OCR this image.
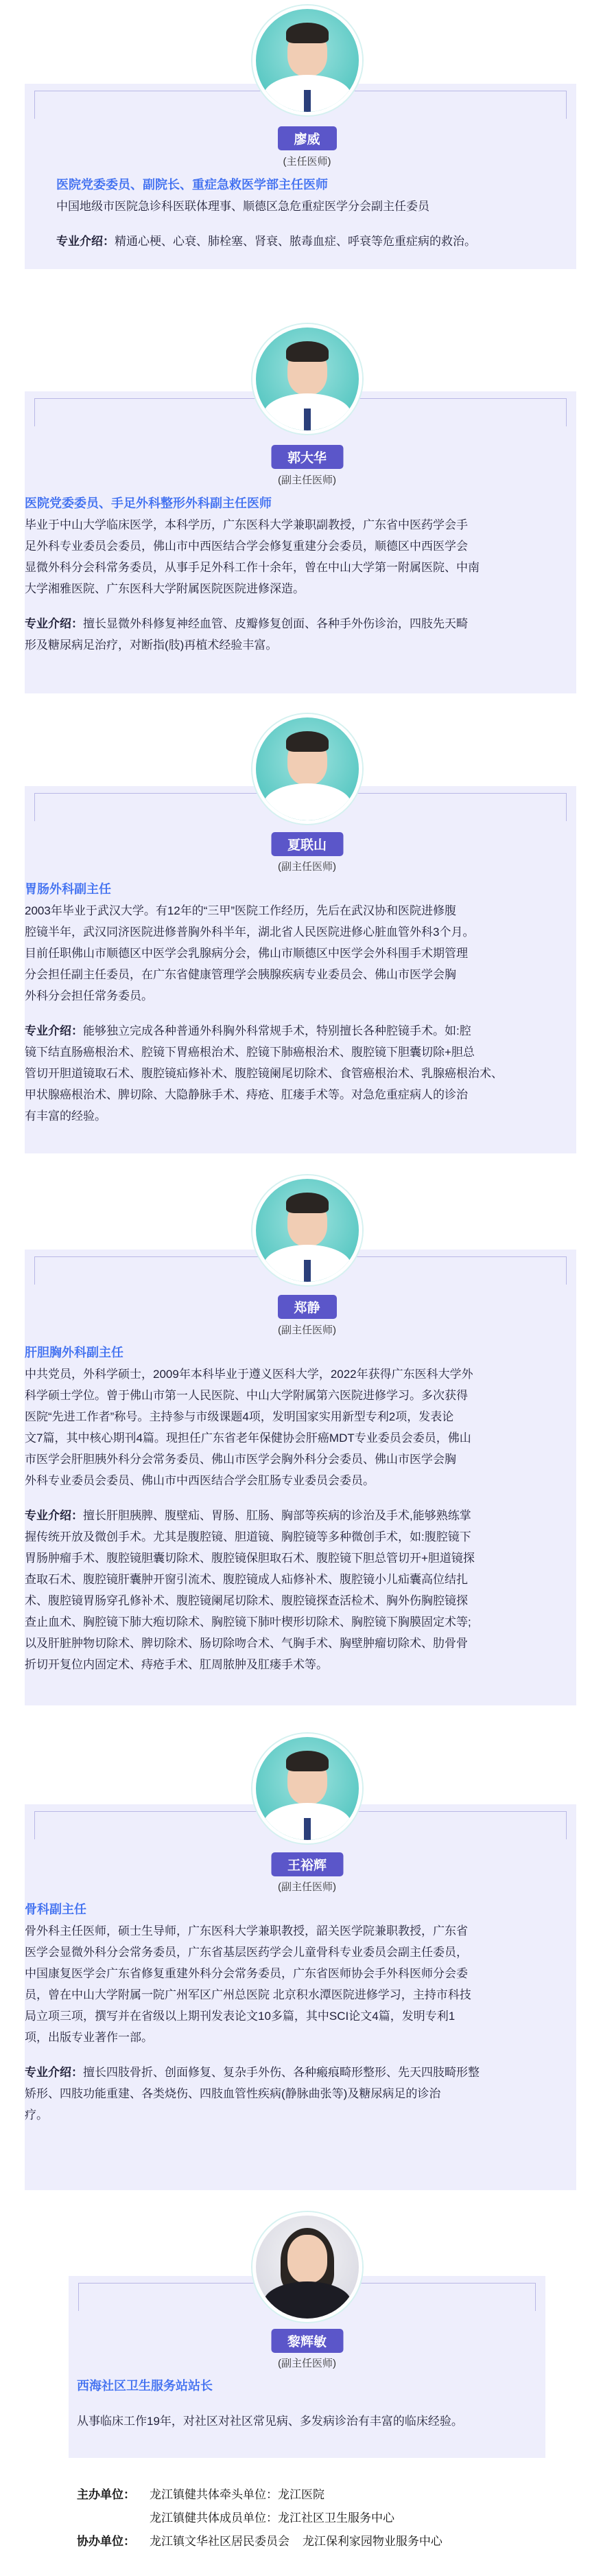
廖威
(主任医师)
医院党委委员、副院长、重症急救医学部主任医师
中国地级市医院急诊科医联体理事、顺德区急危重症医学分会副主任委员
专业介绍：精通心梗、心衰、肺栓塞、肾衰、脓毒血症、呼衰等危重症病的救治。
郭大华
(副主任医师)
医院党委委员、手足外科整形外科副主任医师
毕业于中山大学临床医学，本科学历，广东医科大学兼职副教授，广东省中医药学会手
足外科专业委员会委员，佛山市中西医结合学会修复重建分会委员，顺德区中西医学会
显微外科分会科常务委员，从事手足外科工作十余年，曾在中山大学第一附属医院、中南
大学湘雅医院、广东医科大学附属医院医院进修深造。
专业介绍：擅长显微外科修复神经血管、皮瓣修复创面、各种手外伤诊治，四肢先天畸
形及糖尿病足治疗，对断指(肢)再植术经验丰富。
夏联山
(副主任医师)
胃肠外科副主任
2003年毕业于武汉大学。有12年的“三甲”医院工作经历，先后在武汉协和医院进修腹
腔镜半年，武汉同济医院进修普胸外科半年，湖北省人民医院进修心脏血管外科3个月。
目前任职佛山市顺德区中医学会乳腺病分会，佛山市顺德区中医学会外科围手术期管理
分会担任副主任委员，在广东省健康管理学会胰腺疾病专业委员会、佛山市医学会胸
外科分会担任常务委员。
专业介绍：能够独立完成各种普通外科胸外科常规手术，特别擅长各种腔镜手术。如:腔
镜下结直肠癌根治术、腔镜下胃癌根治术、腔镜下肺癌根治术、腹腔镜下胆囊切除+胆总
管切开胆道镜取石术、腹腔镜疝修补术、腹腔镜阑尾切除术、食管癌根治术、乳腺癌根治术、
甲状腺癌根治术、脾切除、大隐静脉手术、痔疮、肛瘘手术等。对急危重症病人的诊治
有丰富的经验。
郑静
(副主任医师)
肝胆胸外科副主任
中共党员，外科学硕士，2009年本科毕业于遵义医科大学，2022年获得广东医科大学外
科学硕士学位。曾于佛山市第一人民医院、中山大学附属第六医院进修学习。多次获得
医院“先进工作者”称号。主持参与市级课题4项，发明国家实用新型专利2项，发表论
文7篇，其中核心期刊4篇。现担任广东省老年保健协会肝癌MDT专业委员会委员，佛山
市医学会肝胆胰外科分会常务委员、佛山市医学会胸外科分会委员、佛山市医学会胸
外科专业委员会委员、佛山市中西医结合学会肛肠专业委员会委员。
专业介绍：擅长肝胆胰脾、腹壁疝、胃肠、肛肠、胸部等疾病的诊治及手术,能够熟练掌
握传统开放及微创手术。尤其是腹腔镜、胆道镜、胸腔镜等多种微创手术，如:腹腔镜下
胃肠肿瘤手术、腹腔镜胆囊切除术、腹腔镜保胆取石术、腹腔镜下胆总管切开+胆道镜探
查取石术、腹腔镜肝囊肿开窗引流术、腹腔镜成人疝修补术、腹腔镜小儿疝囊高位结扎
术、腹腔镜胃肠穿孔修补术、腹腔镜阑尾切除术、腹腔镜探查活检术、胸外伤胸腔镜探
查止血术、胸腔镜下肺大疱切除术、胸腔镜下肺叶楔形切除术、胸腔镜下胸膜固定术等;
以及肝脏肿物切除术、脾切除术、肠切除吻合术、气胸手术、胸壁肿瘤切除术、肋骨骨
折切开复位内固定术、痔疮手术、肛周脓肿及肛瘘手术等。
王裕辉
(副主任医师)
骨科副主任
骨外科主任医师，硕士生导师，广东医科大学兼职教授，韶关医学院兼职教授，广东省
医学会显微外科分会常务委员，广东省基层医药学会儿童骨科专业委员会副主任委员，
中国康复医学会广东省修复重建外科分会常务委员，广东省医师协会手外科医师分会委
员，曾在中山大学附属一院广州军区广州总医院 北京积水潭医院进修学习，主持市科技
局立项三项，撰写并在省级以上期刊发表论文10多篇，其中SCI论文4篇，发明专利1
项，出版专业著作一部。
专业介绍：擅长四肢骨折、创面修复、复杂手外伤、各种瘢痕畸形整形、先天四肢畸形整
矫形、四肢功能重建、各类烧伤、四肢血管性疾病(静脉曲张等)及糖尿病足的诊治
疗。
黎辉敏
(副主任医师)
西海社区卫生服务站站长
从事临床工作19年，对社区对社区常见病、多发病诊治有丰富的临床经验。
主办单位： 龙江镇健共体牵头单位：龙江医院
龙江镇健共体成员单位：龙江社区卫生服务中心
协办单位： 龙江镇文华社区居民委员会    龙江保利家园物业服务中心
